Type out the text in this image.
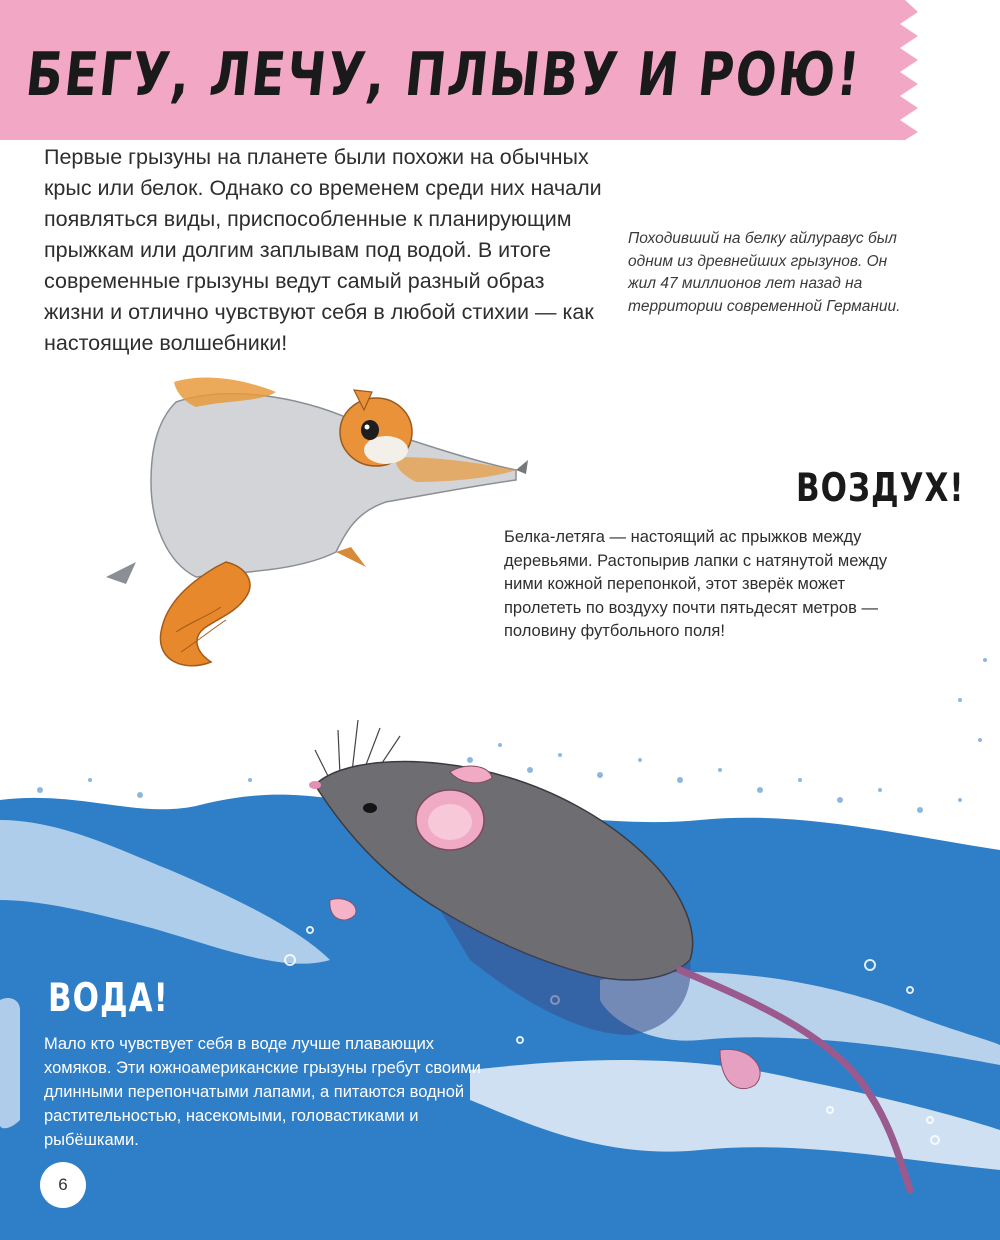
БЕГУ, ЛЕЧУ, ПЛЫВУ И РОЮ!

Первые грызуны на планете были похожи на обычных крыс или белок. Однако со временем среди них начали появляться виды, приспособленные к планирующим прыжкам или долгим заплывам под водой. В итоге современные грызуны ведут самый разный образ жизни и отлично чувствуют себя в любой стихии — как настоящие волшебники!

Походивший на белку айлуравус был одним из древнейших грызунов. Он жил 47 миллионов лет назад на территории современной Германии.

ВОЗДУХ!

Белка-летяга — настоящий ас прыжков между деревьями. Растопырив лапки с натянутой между ними кожной перепонкой, этот зверёк может пролететь по воздуху почти пятьдесят метров — половину футбольного поля!

ВОДА!

Мало кто чувствует себя в воде лучше плавающих хомяков. Эти южноамериканские грызуны гребут своими длинными перепончатыми лапами, а питаются водной растительностью, насекомыми, головастиками и рыбёшками.

6
